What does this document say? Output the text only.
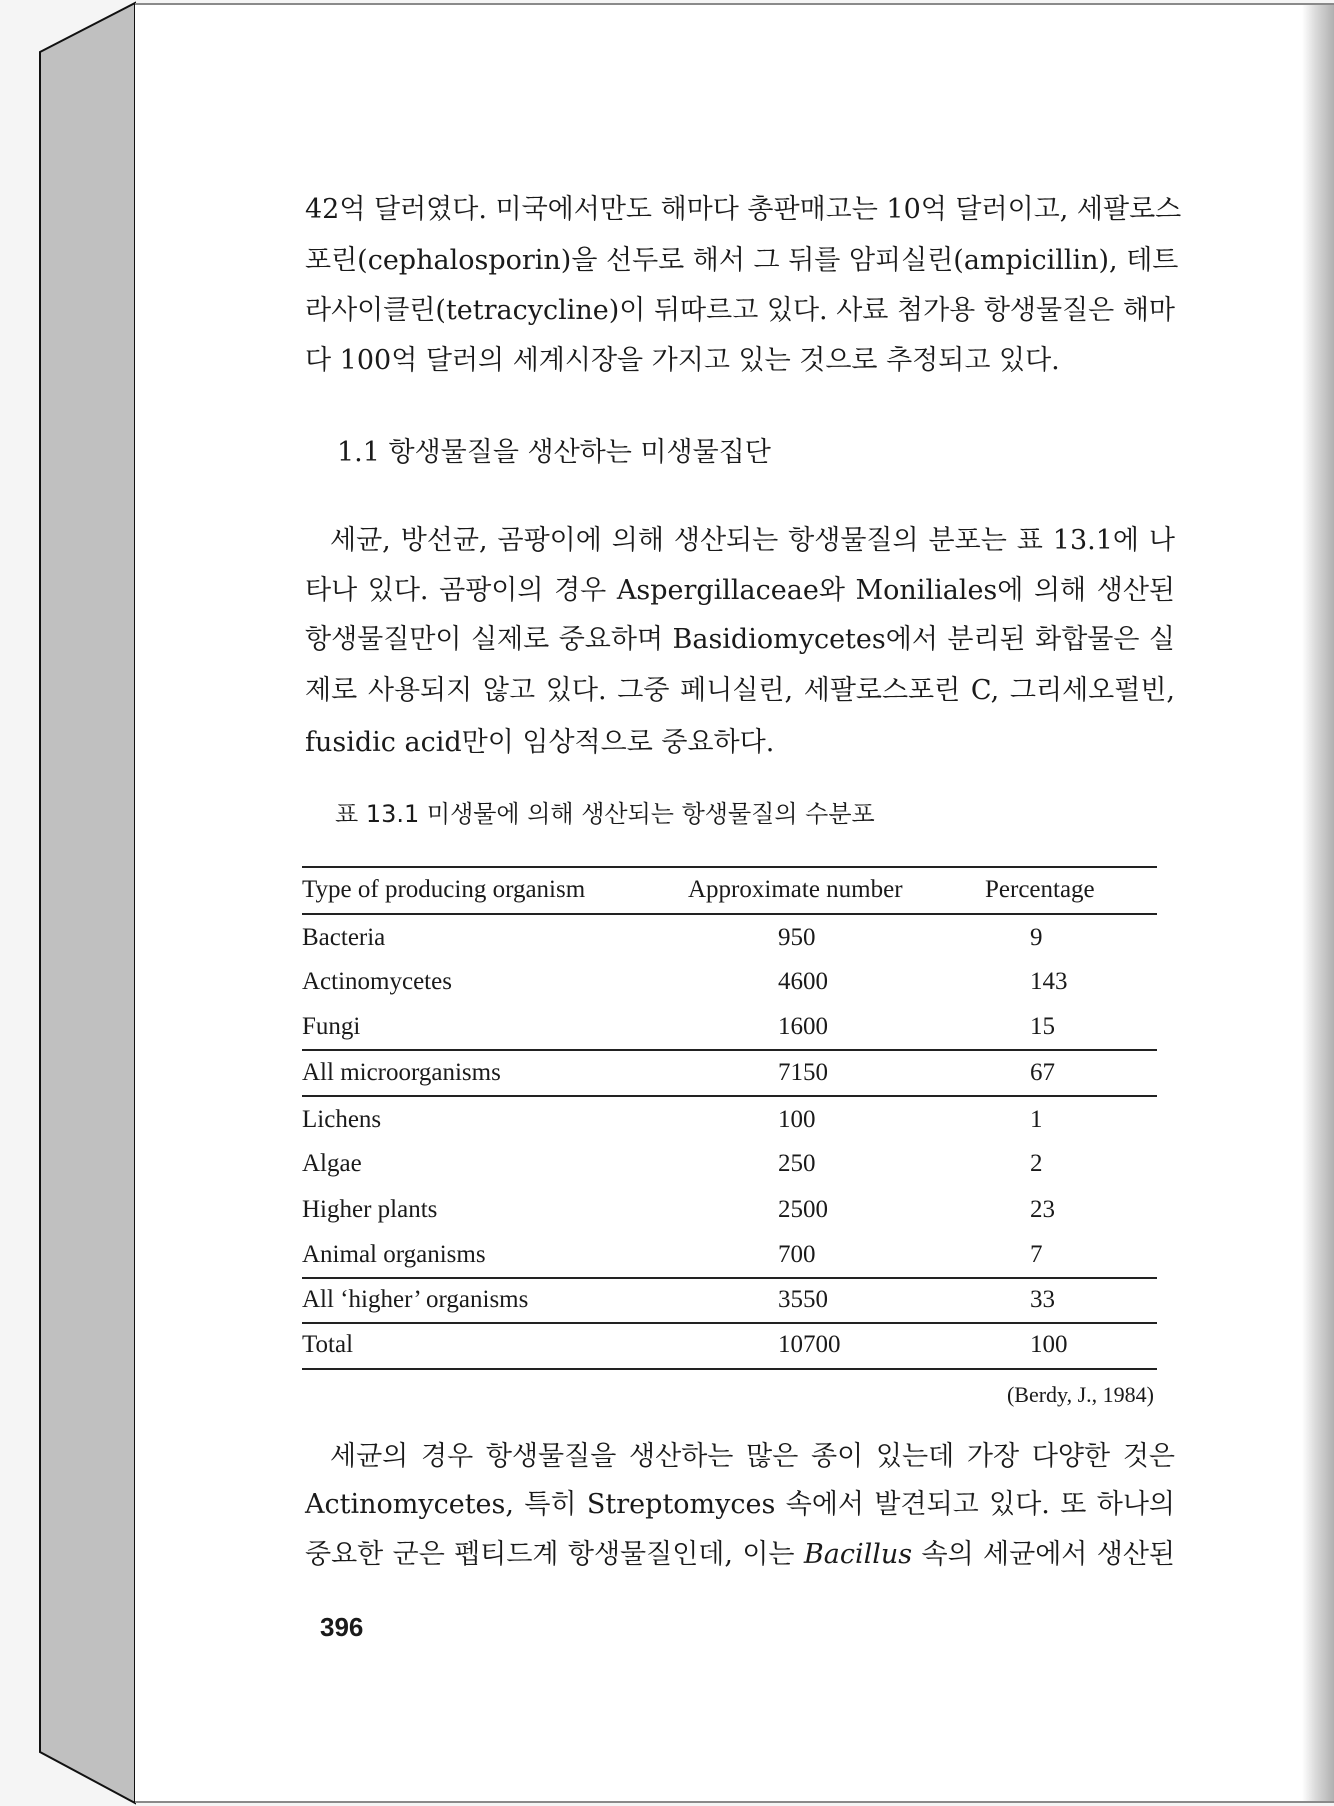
42억 달러였다. 미국에서만도 해마다 총판매고는 10억 달러이고, 세팔로스
포린(cephalosporin)을 선두로 해서 그 뒤를 암피실린(ampicillin), 테트
라사이클린(tetracycline)이 뒤따르고 있다. 사료 첨가용 항생물질은 해마
다 100억 달러의 세계시장을 가지고 있는 것으로 추정되고 있다.
1.1 항생물질을 생산하는 미생물집단
세균, 방선균, 곰팡이에 의해 생산되는 항생물질의 분포는 표 13.1에 나
타나 있다. 곰팡이의 경우 Aspergillaceae와 Moniliales에 의해 생산된
항생물질만이 실제로 중요하며 Basidiomycetes에서 분리된 화합물은 실
제로 사용되지 않고 있다. 그중 페니실린, 세팔로스포린 C, 그리세오펄빈,
fusidic acid만이 임상적으로 중요하다.
표 13.1 미생물에 의해 생산되는 항생물질의 수분포
Type of producing organism	Approximate number	Percentage
Bacteria	950	9
Actinomycetes	4600	143
Fungi	1600	15
All microorganisms	7150	67
Lichens	100	1
Algae	250	2
Higher plants	2500	23
Animal organisms	700	7
All ‘higher’ organisms	3550	33
Total	10700	100
(Berdy, J., 1984)
세균의 경우 항생물질을 생산하는 많은 종이 있는데 가장 다양한 것은
Actinomycetes, 특히 Streptomyces 속에서 발견되고 있다. 또 하나의
중요한 군은 펩티드계 항생물질인데, 이는 Bacillus 속의 세균에서 생산된
396
